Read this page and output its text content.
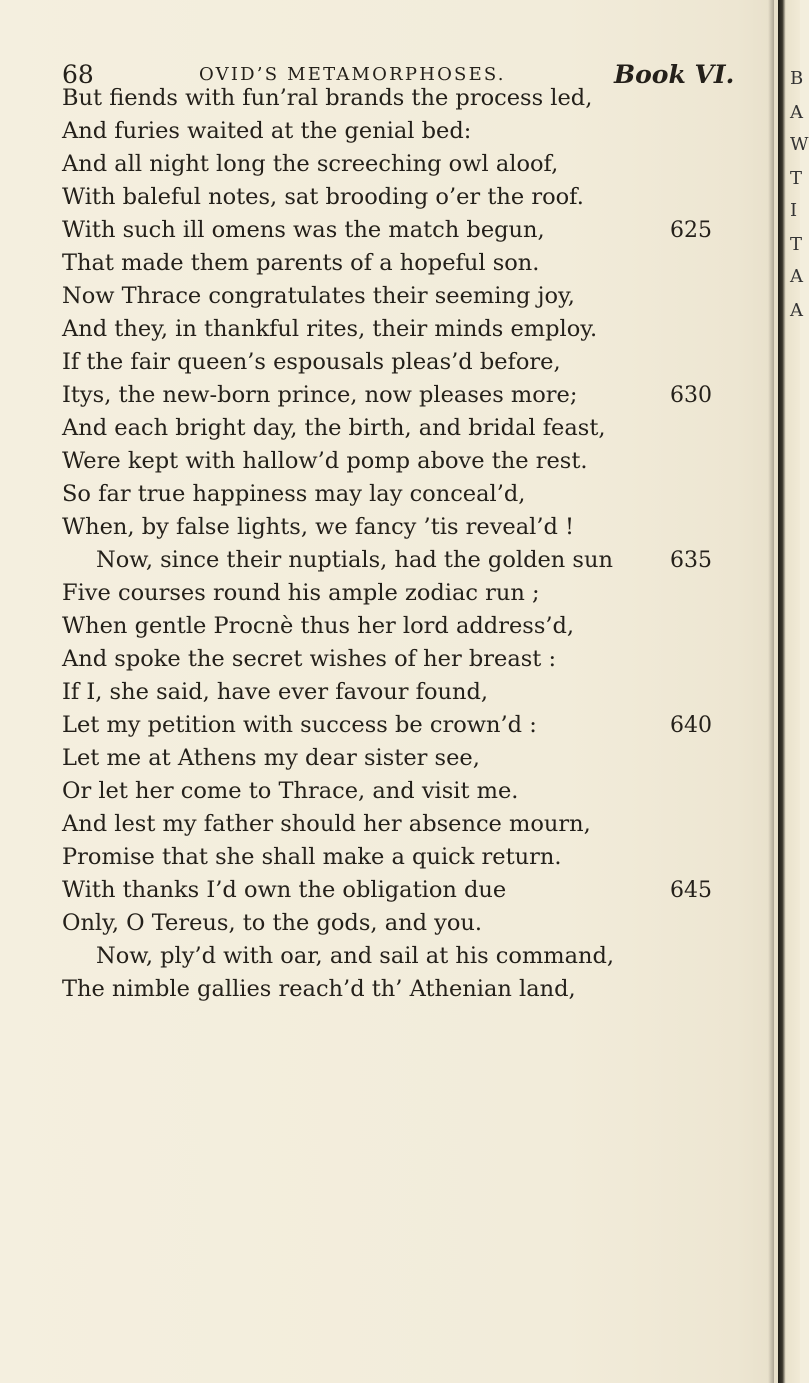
68	OVID’S METAMORPHOSES.	Book VI.
But fiends with fun’ral brands the process led,
And furies waited at the genial bed:
And all night long the screeching owl aloof,
With baleful notes, sat brooding o’er the roof.
With such ill omens was the match begun,	625
That made them parents of a hopeful son.
Now Thrace congratulates their seeming joy,
And they, in thankful rites, their minds employ.
If the fair queen’s espousals pleas’d before,
Itys, the new-born prince, now pleases more;	630
And each bright day, the birth, and bridal feast,
Were kept with hallow’d pomp above the rest.
So far true happiness may lay conceal’d,
When, by false lights, we fancy ’tis reveal’d !
Now, since their nuptials, had the golden sun	635
Five courses round his ample zodiac run ;
When gentle Procnè thus her lord address’d,
And spoke the secret wishes of her breast :
If I, she said, have ever favour found,
Let my petition with success be crown’d :	640
Let me at Athens my dear sister see,
Or let her come to Thrace, and visit me.
And lest my father should her absence mourn,
Promise that she shall make a quick return.
With thanks I’d own the obligation due	645
Only, O Tereus, to the gods, and you.
Now, ply’d with oar, and sail at his command,
The nimble gallies reach’d th’ Athenian land,
B
A
W
T
I
T
A
A
